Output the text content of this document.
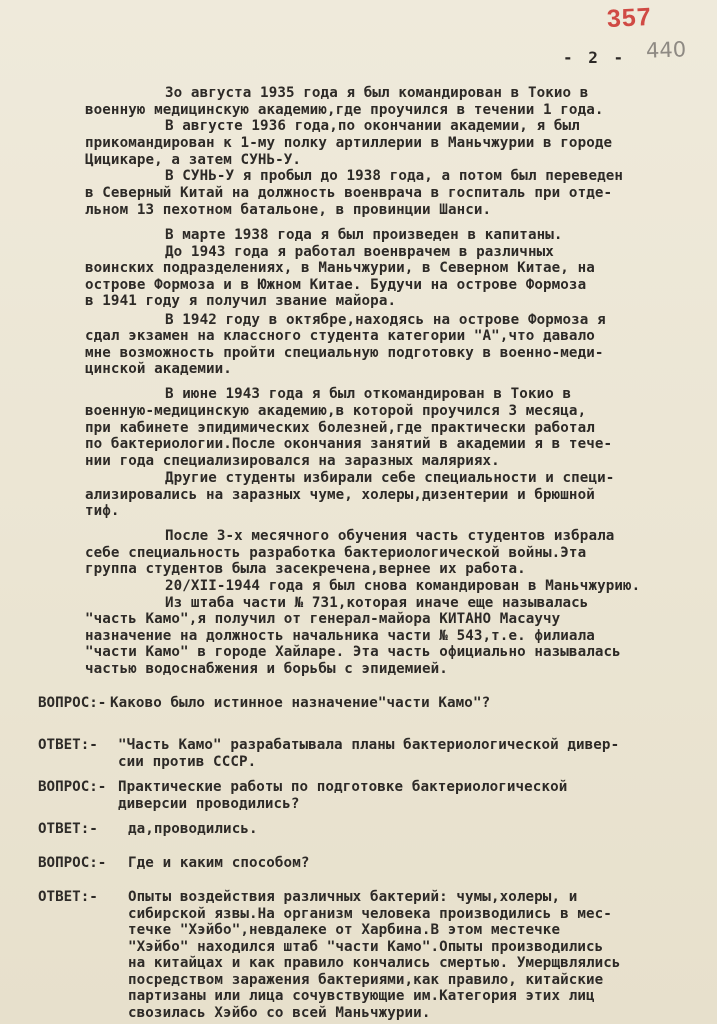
357
440
- 2 -

3о августа 1935 года я был командирован в Токио в

военную медицинскую академию,где проучился в течении 1 года.

В августе 1936 года,по окончании академии, я был

прикомандирован к 1-му полку артиллерии в Маньчжурии в городе

Цицикаре, а затем СУНЬ-У.

В СУНЬ-У я пробыл до 1938 года, а потом был переведен

в Северный Китай на должность военврача в госпиталь при отде-

льном 13 пехотном батальоне, в провинции Шанси.

В марте 1938 года я был произведен в капитаны.

До 1943 года я работал военврачем в различных

воинских подразделениях, в Маньчжурии, в Северном Китае, на

острове Формоза и в Южном Китае. Будучи на острове Формоза

в 1941 году я получил звание майора.

В 1942 году в октябре,находясь на острове Формоза я

сдал экзамен на классного студента категории "А",что давало

мне возможность пройти специальную подготовку в военно-меди-

цинской академии.

В июне 1943 года я был откомандирован в Токио в

военную-медицинскую академию,в которой проучился 3 месяца,

при кабинете эпидимических болезней,где практически работал

по бактериологии.После окончания занятий в академии я в тече-

нии года специализировался на заразных маляриях.

Другие студенты избирали себе специальности и специ-

ализировались на заразных чуме, холеры,дизентерии и брюшной

тиф.

После 3-х месячного обучения часть студентов избрала

себе специальность разработка бактериологической войны.Эта

группа студентов была засекречена,вернее их работа.

20/ХII-1944 года я был снова командирован в Маньчжурию.

Из штаба части № 731,которая иначе еще называлась

"часть Камо",я получил от генерал-майора КИТАНО Масаучу

назначение на должность начальника части № 543,т.е. филиала

"части Камо" в городе Хайларе. Эта часть официально называлась

частью водоснабжения и борьбы с эпидемией.

ВОПРОС:- Каково было истинное назначение"части Камо"?

ОТВЕТ:- "Часть Камо" разрабатывала планы бактериологической дивер-

сии против СССР.

ВОПРОС:- Практические работы по подготовке бактериологической

диверсии проводились?

ОТВЕТ:- да,проводились.

ВОПРОС:- Где и каким способом?

ОТВЕТ:- Опыты воздействия различных бактерий: чумы,холеры, и

сибирской язвы.На организм человека производились в мес-

течке "Хэйбо",невдалеке от Харбина.В этом местечке

"Хэйбо" находился штаб "части Камо".Опыты производились

на китайцах и как правило кончались смертью. Умерщвлялись

посредством заражения бактериями,как правило, китайские

партизаны или лица сочувствующие им.Категория этих лиц

свозилась Хэйбо со всей Маньчжурии.
